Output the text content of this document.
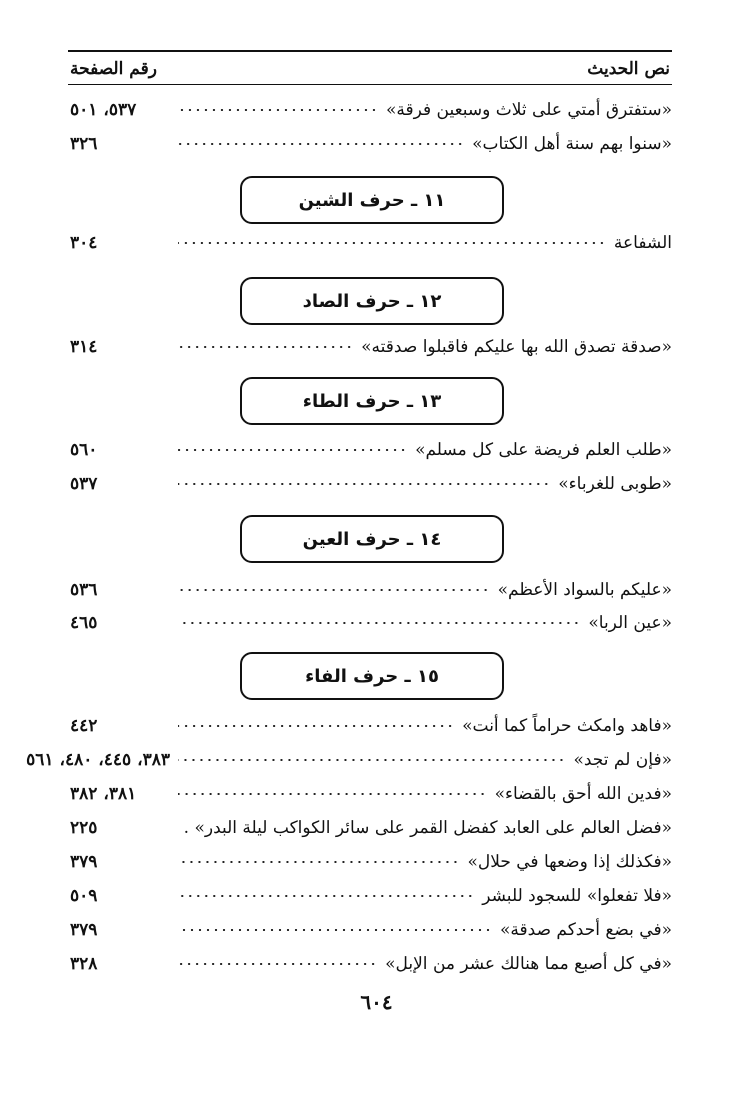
رقم الصفحة	نص الحديث
«ستفترق أمتي على ثلاث وسبعين فرقة»
٥٣٧، ٥٠١
«سنوا بهم سنة أهل الكتاب»
٣٢٦
١١ ـ حرف الشين
الشفاعة
٣٠٤
١٢ ـ حرف الصاد
«صدقة تصدق الله بها عليكم فاقبلوا صدقته»
٣١٤
١٣ ـ حرف الطاء
«طلب العلم فريضة على كل مسلم»
٥٦٠
«طوبى للغرباء»
٥٣٧
١٤ ـ حرف العين
«عليكم بالسواد الأعظم»
٥٣٦
«عين الربا»
٤٦٥
١٥ ـ حرف الفاء
«فاهد وامكث حراماً كما أنت»
٤٤٢
«فإن لم تجد»
٣٨٣، ٤٤٥، ٤٨٠، ٥٦١
«فدين الله أحق بالقضاء»
٣٨١، ٣٨٢
«فضل العالم على العابد كفضل القمر على سائر الكواكب ليلة البدر» .
٢٢٥
«فكذلك إذا وضعها في حلال»
٣٧٩
«فلا تفعلوا» للسجود للبشر
٥٠٩
«في بضع أحدكم صدقة»
٣٧٩
«في كل أصبع مما هنالك عشر من الإبل»
٣٢٨
٦٠٤
